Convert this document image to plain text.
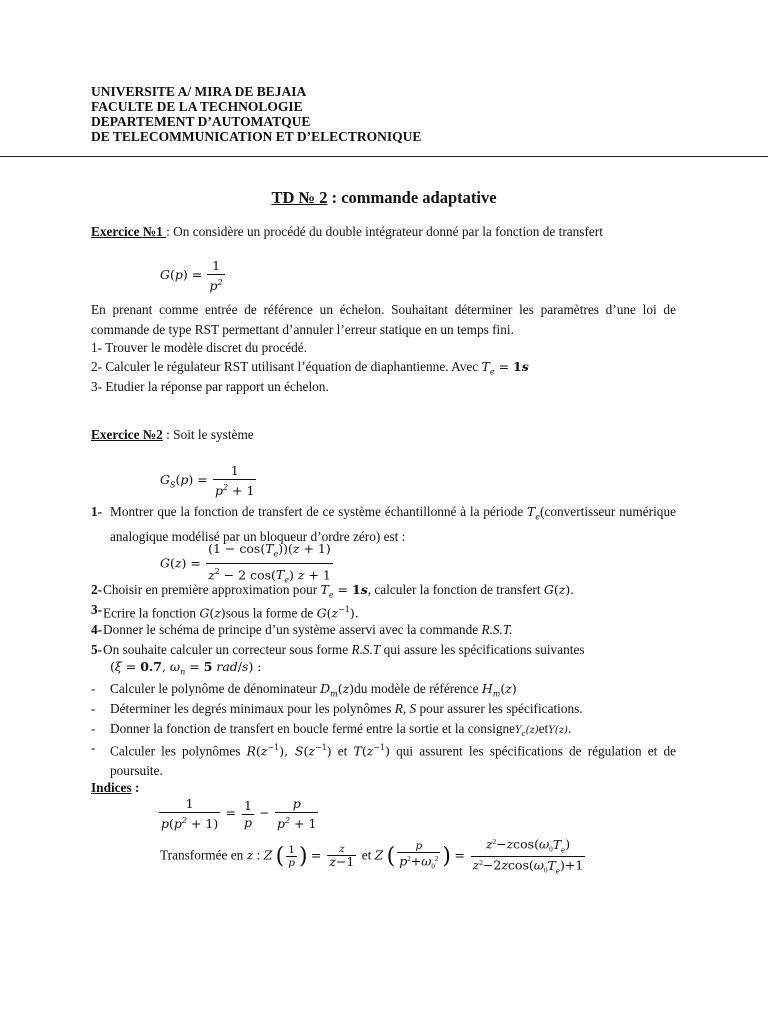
UNIVERSITE A/ MIRA DE BEJAIA
FACULTE DE LA TECHNOLOGIE
DEPARTEMENT D’AUTOMATQUE
DE TELECOMMUNICATION ET D’ELECTRONIQUE
TD № 2 : commande adaptative
Exercice №1 : On considère un procédé du double intégrateur donné par la fonction de transfert
$G(p) = \frac{1}{p^2}$
En prenant comme entrée de référence un échelon. Souhaitant déterminer les paramètres d’une loi de commande de type RST permettant d’annuler l’erreur statique en un temps fini.
1- Trouver le modèle discret du procédé.
2- Calculer le régulateur RST utilisant l’équation de diaphantienne. Avec $T_e = 1s$
3- Etudier la réponse par rapport un échelon.
Exercice №2 : Soit le système
$G_S(p) = \frac{1}{p^2 + 1}$
1- Montrer que la fonction de transfert de ce système échantillonné à la période $T_e(convertisseur$ numérique analogique modélisé par un bloqueur d’ordre zéro) est :
$G(z) = \frac{(1 - \cos(T_e))(z + 1)}{z^2 - 2 \cos(T_e) z + 1}$
2- Choisir en première approximation pour $T_e = 1s$, calculer la fonction de transfert G(z).
3- Ecrire la fonction G(z)sous la forme de $G(z^{-1})$.
4- Donner le schéma de principe d’un système asservi avec la commande R.S.T.
5- On souhaite calculer un correcteur sous forme R.S.T qui assure les spécifications suivantes
(ξ = 0.7, $\omega_n = 5$ rad/s) :
- Calculer le polynôme de dénominateur $D_m(z)du$ modèle de référence $H_m(z)$
- Déterminer les degrés minimaux pour les polynômes R, S pour assurer les spécifications.
- Donner la fonction de transfert en boucle fermé entre la sortie et la consigneY$_c$(z)etY(z).
- Calculer les polynômes $R(z^{-1})$, $S(z^{-1})$ et $T(z^{-1})$ qui assurent les spécifications de régulation et de poursuite.
Indices :
$\frac{1}{p(p^2 + 1)} = \frac{1}{p} - \frac{p}{p^2 + 1}$
Transformée en z : Z ( $\frac{1}{p}$ ) = $\frac{z}{z-1}$ et Z ( $\frac{p}{p^2+\omega_0^2}$ ) = $\frac{z^2-zcos(\omega_0T_e)}{z^2-2zcos(\omega_0T_e)+1}$
